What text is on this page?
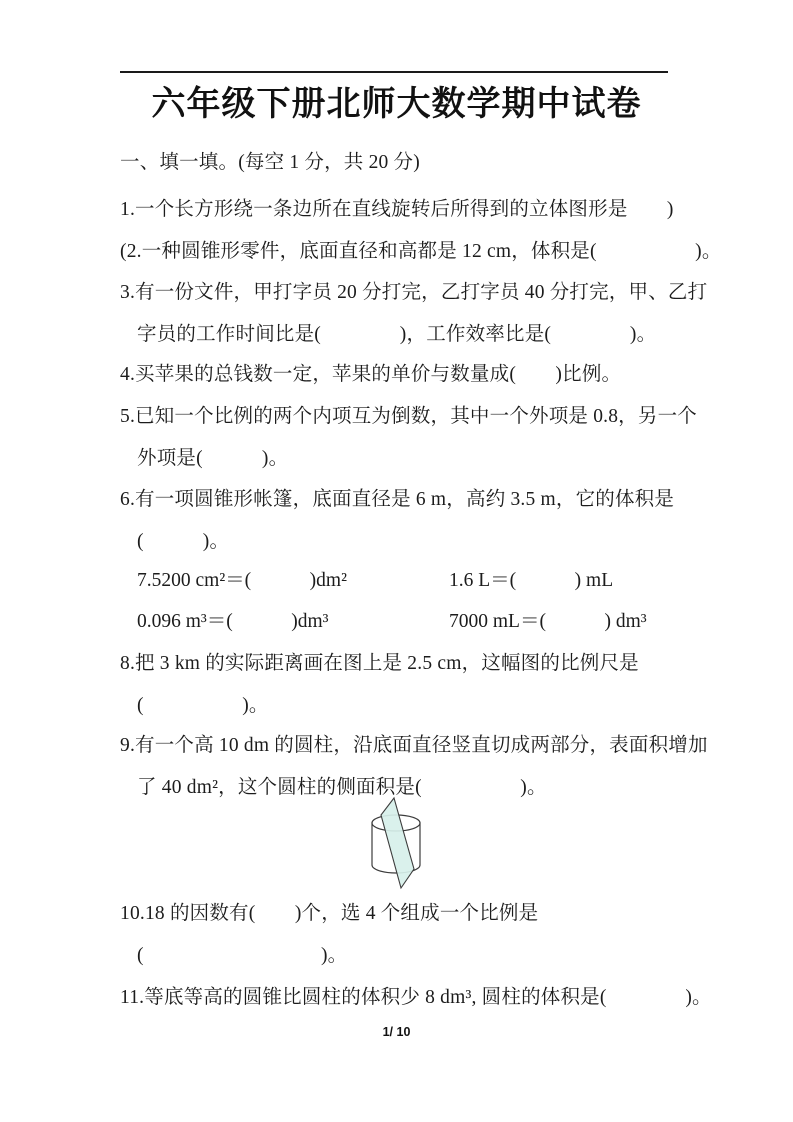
六年级下册北师大数学期中试卷
一、填一填。(每空 1 分，共 20 分)
1.一个长方形绕一条边所在直线旋转后所得到的立体图形是　　)
(2.一种圆锥形零件，底面直径和高都是 12 cm，体积是(　　　　　)。
3.有一份文件，甲打字员 20 分打完，乙打字员 40 分打完，甲、乙打
字员的工作时间比是(　　　　)，工作效率比是(　　　　)。
4.买苹果的总钱数一定，苹果的单价与数量成(　　)比例。
5.已知一个比例的两个内项互为倒数，其中一个外项是 0.8，另一个
外项是(　　　)。
6.有一项圆锥形帐篷，底面直径是 6 m，高约 3.5 m，它的体积是
(　　　)。
7.5200 cm²＝(　　　)dm²	1.6 L＝(　　　) mL
0.096 m³＝(　　　)dm³	7000 mL＝(　　　) dm³
8.把 3 km 的实际距离画在图上是 2.5 cm，这幅图的比例尺是
(　　　　　)。
9.有一个高 10 dm 的圆柱，沿底面直径竖直切成两部分，表面积增加
了 40 dm²，这个圆柱的侧面积是(　　　　　)。
10.18 的因数有(　　)个，选 4 个组成一个比例是
(　　　　　　　　　)。
11.等底等高的圆锥比圆柱的体积少 8 dm³, 圆柱的体积是(　　　　)。
1/ 10
